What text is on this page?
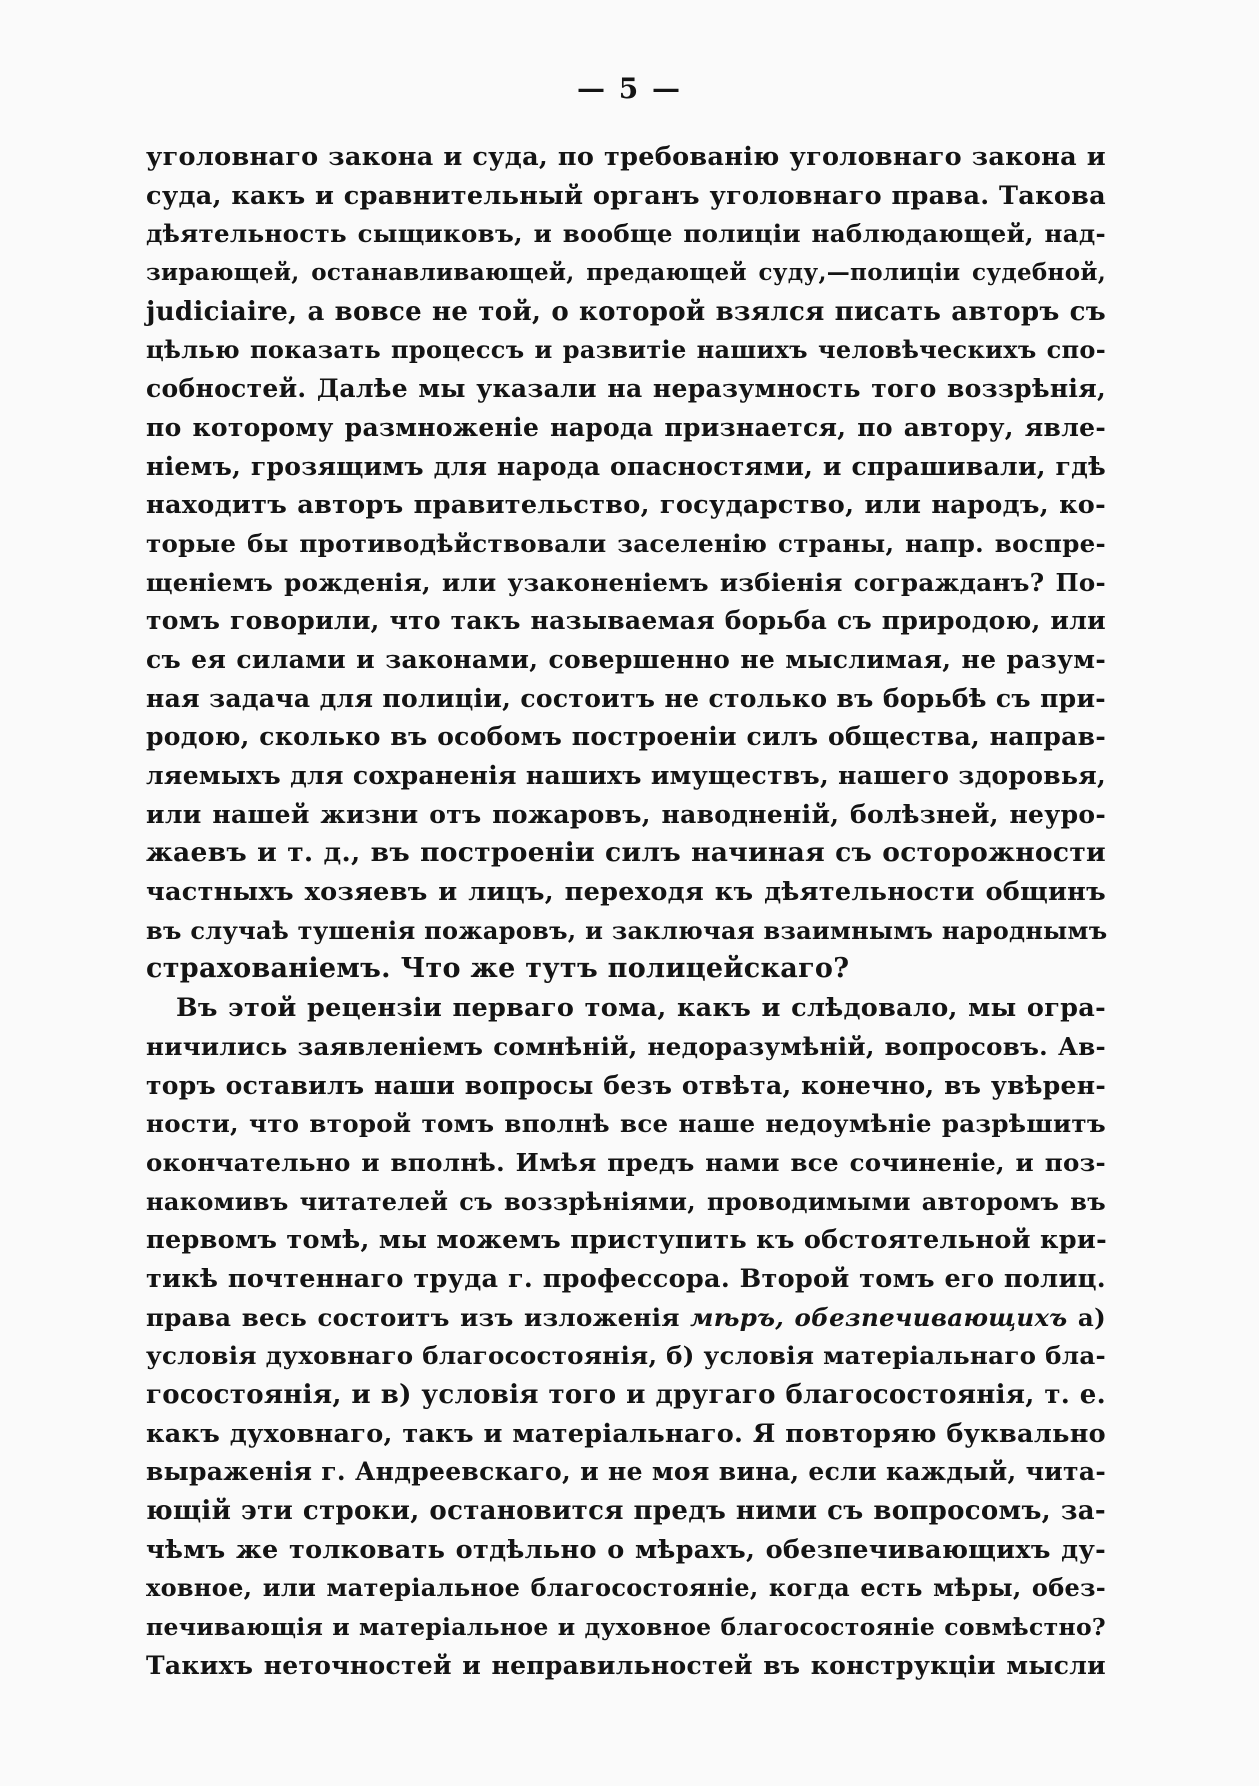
— 5 —
уголовнаго закона и суда, по требованію уголовнаго закона и
суда, какъ и сравнительный органъ уголовнаго права. Такова
дѣятельность сыщиковъ, и вообще полиціи наблюдающей, над-
зирающей, останавливающей, предающей суду,—полиціи судебной,
judiciaire, а вовсе не той, о которой взялся писать авторъ съ
цѣлью показать процессъ и развитіе нашихъ человѣческихъ спо-
собностей. Далѣе мы указали на неразумность того воззрѣнія,
по которому размноженіе народа признается, по автору, явле-
ніемъ, грозящимъ для народа опасностями, и спрашивали, гдѣ
находитъ авторъ правительство, государство, или народъ, ко-
торые бы противодѣйствовали заселенію страны, напр. воспре-
щеніемъ рожденія, или узаконеніемъ избіенія согражданъ? По-
томъ говорили, что такъ называемая борьба съ природою, или
съ ея силами и законами, совершенно не мыслимая, не разум-
ная задача для полиціи, состоитъ не столько въ борьбѣ съ при-
родою, сколько въ особомъ построеніи силъ общества, направ-
ляемыхъ для сохраненія нашихъ имуществъ, нашего здоровья,
или нашей жизни отъ пожаровъ, наводненій, болѣзней, неуро-
жаевъ и т. д., въ построеніи силъ начиная съ осторожности
частныхъ хозяевъ и лицъ, переходя къ дѣятельности общинъ
въ случаѣ тушенія пожаровъ, и заключая взаимнымъ народнымъ
страхованіемъ. Что же тутъ полицейскаго?
Въ этой рецензіи перваго тома, какъ и слѣдовало, мы огра-
ничились заявленіемъ сомнѣній, недоразумѣній, вопросовъ. Ав-
торъ оставилъ наши вопросы безъ отвѣта, конечно, въ увѣрен-
ности, что второй томъ вполнѣ все наше недоумѣніе разрѣшитъ
окончательно и вполнѣ. Имѣя предъ нами все сочиненіе, и поз-
накомивъ читателей съ воззрѣніями, проводимыми авторомъ въ
первомъ томѣ, мы можемъ приступить къ обстоятельной кри-
тикѣ почтеннаго труда г. профессора. Второй томъ его полиц.
права весь состоитъ изъ изложенія мѣръ, обезпечивающихъ а)
условія духовнаго благосостоянія, б) условія матеріальнаго бла-
госостоянія, и в) условія того и другаго благосостоянія, т. е.
какъ духовнаго, такъ и матеріальнаго. Я повторяю буквально
выраженія г. Андреевскаго, и не моя вина, если каждый, чита-
ющій эти строки, остановится предъ ними съ вопросомъ, за-
чѣмъ же толковать отдѣльно о мѣрахъ, обезпечивающихъ ду-
ховное, или матеріальное благосостояніе, когда есть мѣры, обез-
печивающія и матеріальное и духовное благосостояніе совмѣстно?
Такихъ неточностей и неправильностей въ конструкціи мысли
